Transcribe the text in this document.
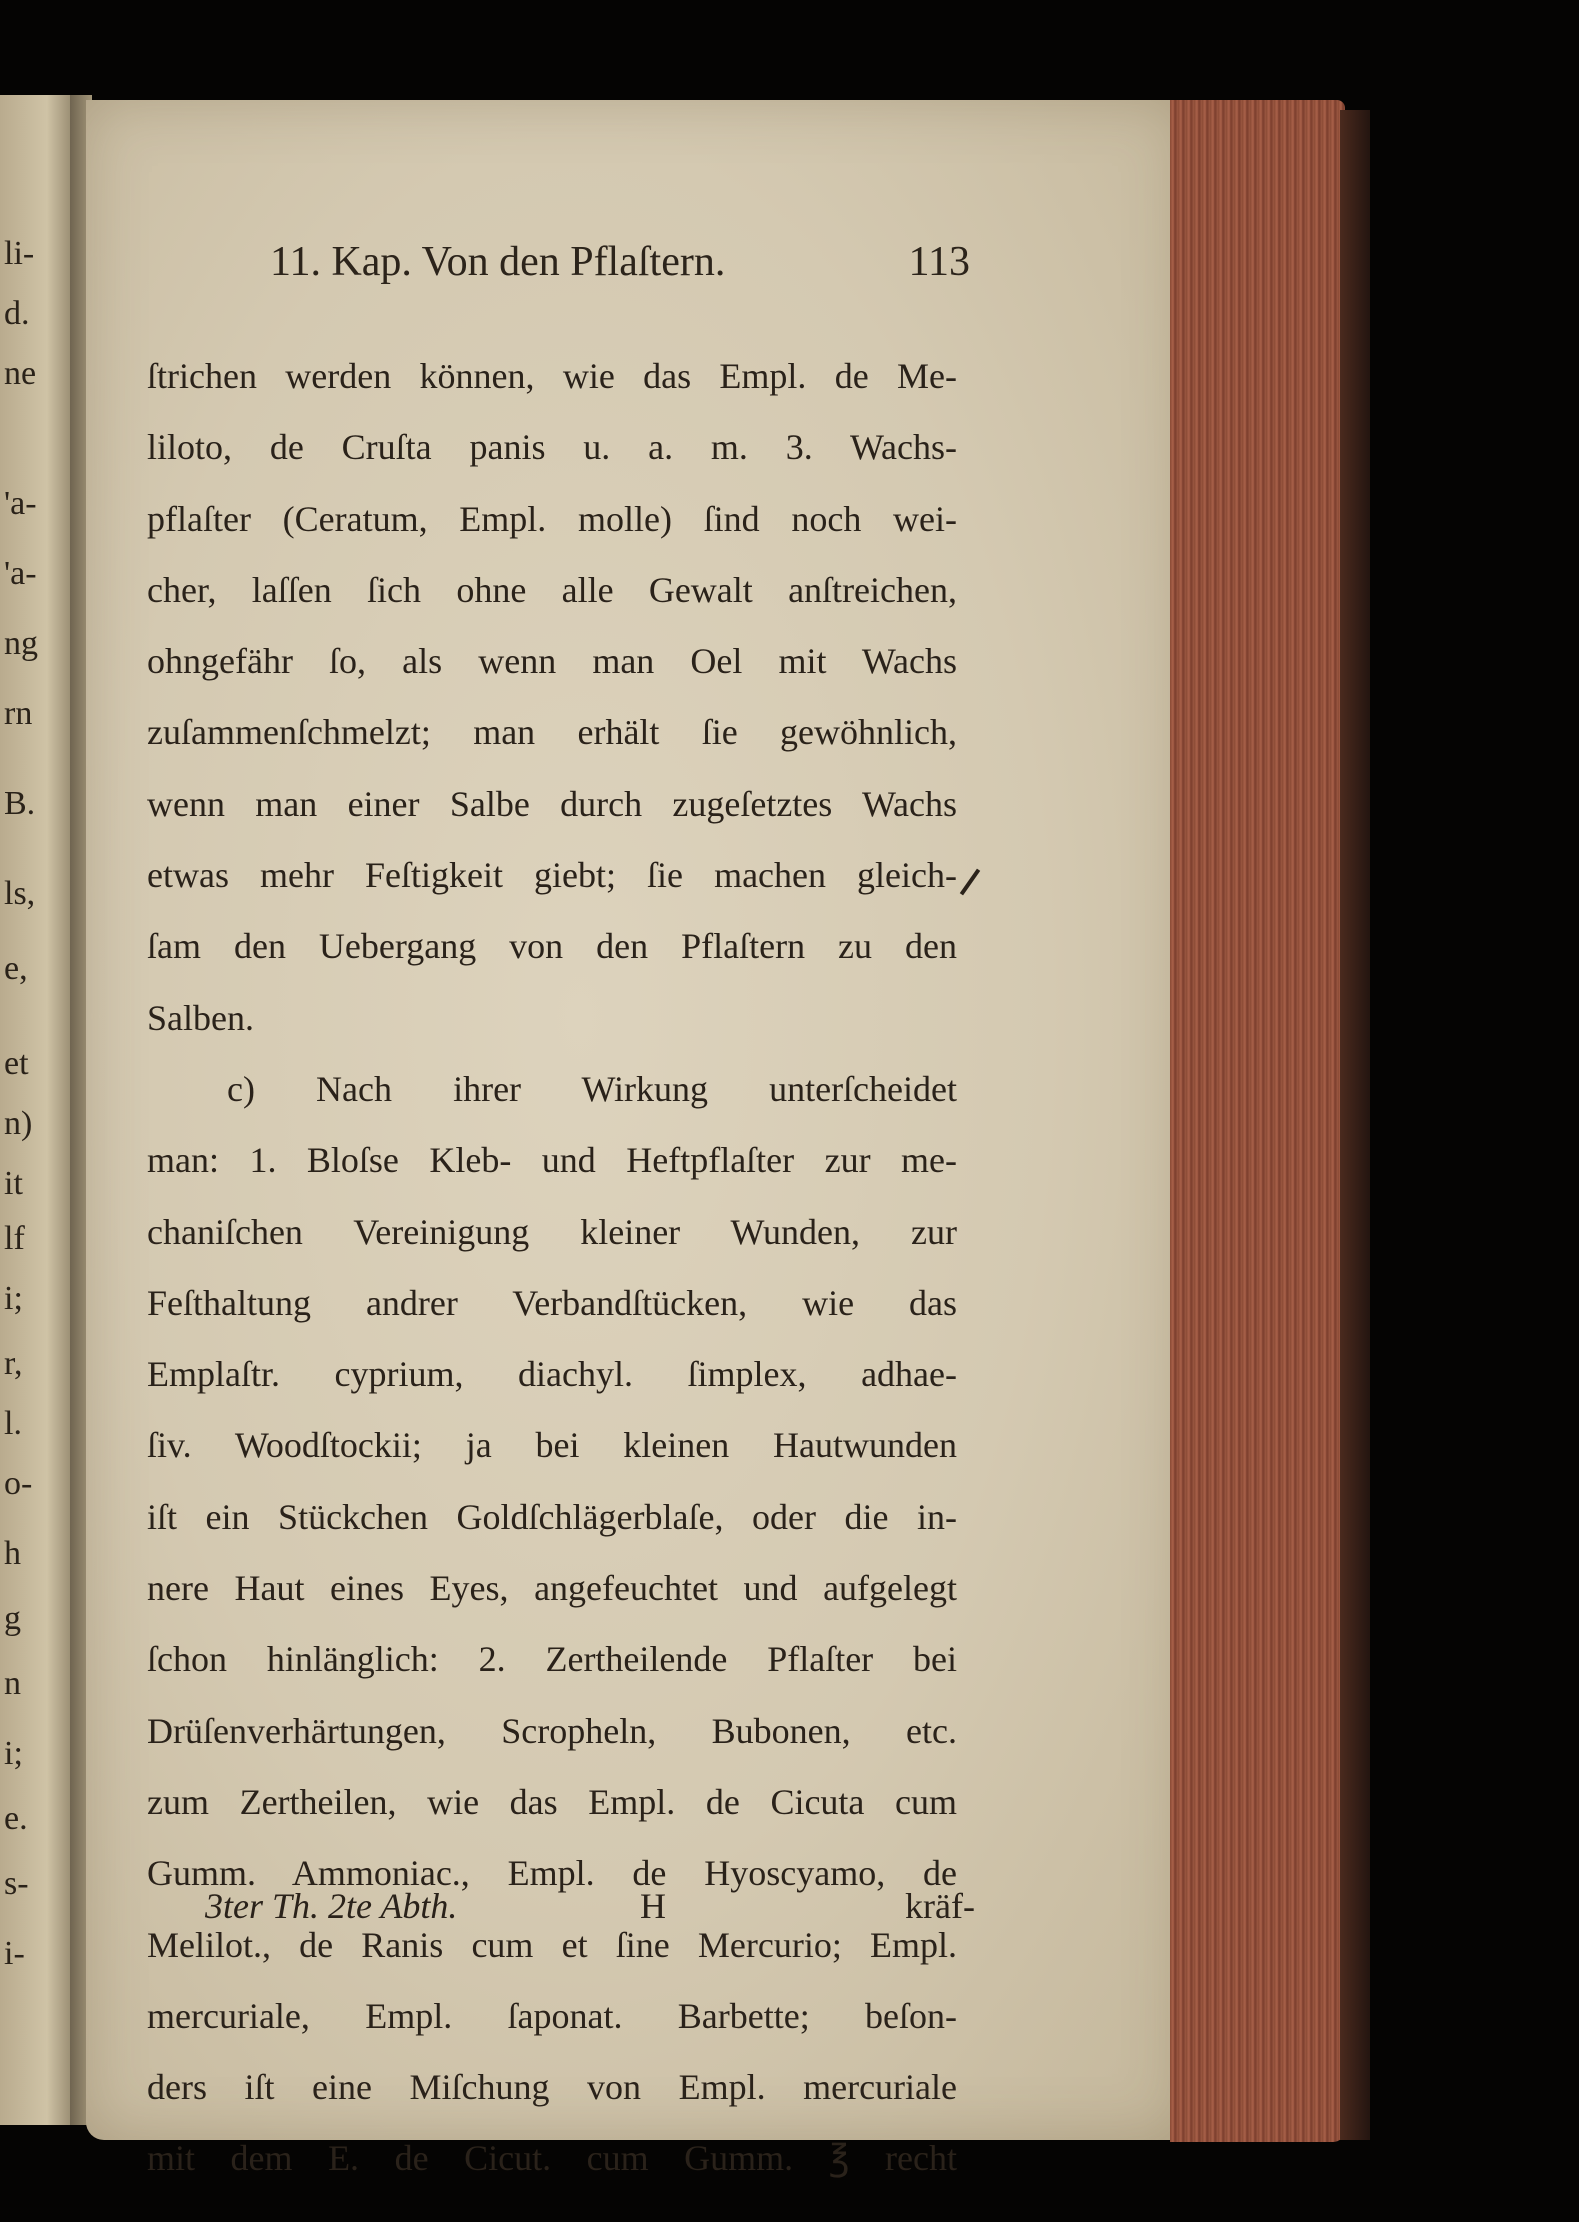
li-
d.
ne
'a-
'a-
ng
rn
B.
ls,
e,
et
n)
it
lf
i;
r,
l.
o-
h
g
n
i;
e.
s-
i-
11. Kap. Von den Pflaſtern.	113
ſtrichen werden können, wie das Empl. de Me-
liloto, de Cruſta panis u. a. m. 3. Wachs-
pflaſter (Ceratum, Empl. molle) ſind noch wei-
cher, laſſen ſich ohne alle Gewalt anſtreichen,
ohngefähr ſo, als wenn man Oel mit Wachs
zuſammenſchmelzt; man erhält ſie gewöhnlich,
wenn man einer Salbe durch zugeſetztes Wachs
etwas mehr Feſtigkeit giebt; ſie machen gleich-
ſam den Uebergang von den Pflaſtern zu den
Salben.
c) Nach ihrer Wirkung unterſcheidet
man: 1. Bloſse Kleb- und Heftpflaſter zur me-
chaniſchen Vereinigung kleiner Wunden, zur
Feſthaltung andrer Verbandſtücken, wie das
Emplaſtr. cyprium, diachyl. ſimplex, adhae-
ſiv. Woodſtockii; ja bei kleinen Hautwunden
iſt ein Stückchen Goldſchlägerblaſe, oder die in-
nere Haut eines Eyes, angefeuchtet und aufgelegt
ſchon hinlänglich: 2. Zertheilende Pflaſter bei
Drüſenverhärtungen, Scropheln, Bubonen, etc.
zum Zertheilen, wie das Empl. de Cicuta cum
Gumm. Ammoniac., Empl. de Hyoscyamo, de
Melilot., de Ranis cum et ſine Mercurio; Empl.
mercuriale, Empl. ſaponat. Barbette; beſon-
ders iſt eine Miſchung von Empl. mercuriale
mit dem E. de Cicut. cum Gumm. ℥ recht
3ter Th. 2te Abth.	H	kräf-
